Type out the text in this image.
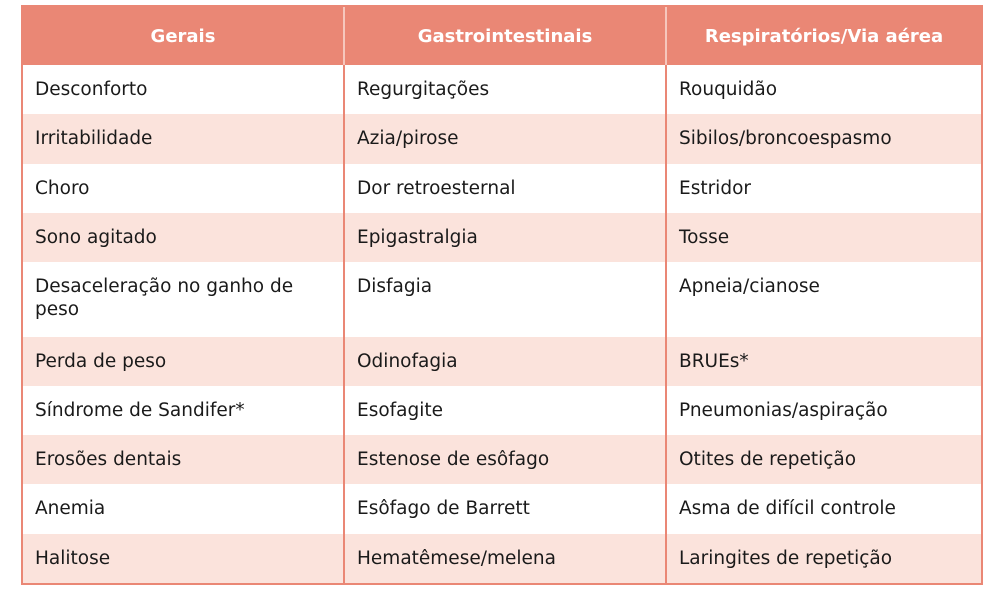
Gerais	Gastrointestinais	Respiratórios/Via aérea
Desconforto	Regurgitações	Rouquidão
Irritabilidade	Azia/pirose	Sibilos/broncoespasmo
Choro	Dor retroesternal	Estridor
Sono agitado	Epigastralgia	Tosse
Desaceleração no ganho de peso	Disfagia	Apneia/cianose
Perda de peso	Odinofagia	BRUEs*
Síndrome de Sandifer*	Esofagite	Pneumonias/aspiração
Erosões dentais	Estenose de esôfago	Otites de repetição
Anemia	Esôfago de Barrett	Asma de difícil controle
Halitose	Hematêmese/melena	Laringites de repetição
